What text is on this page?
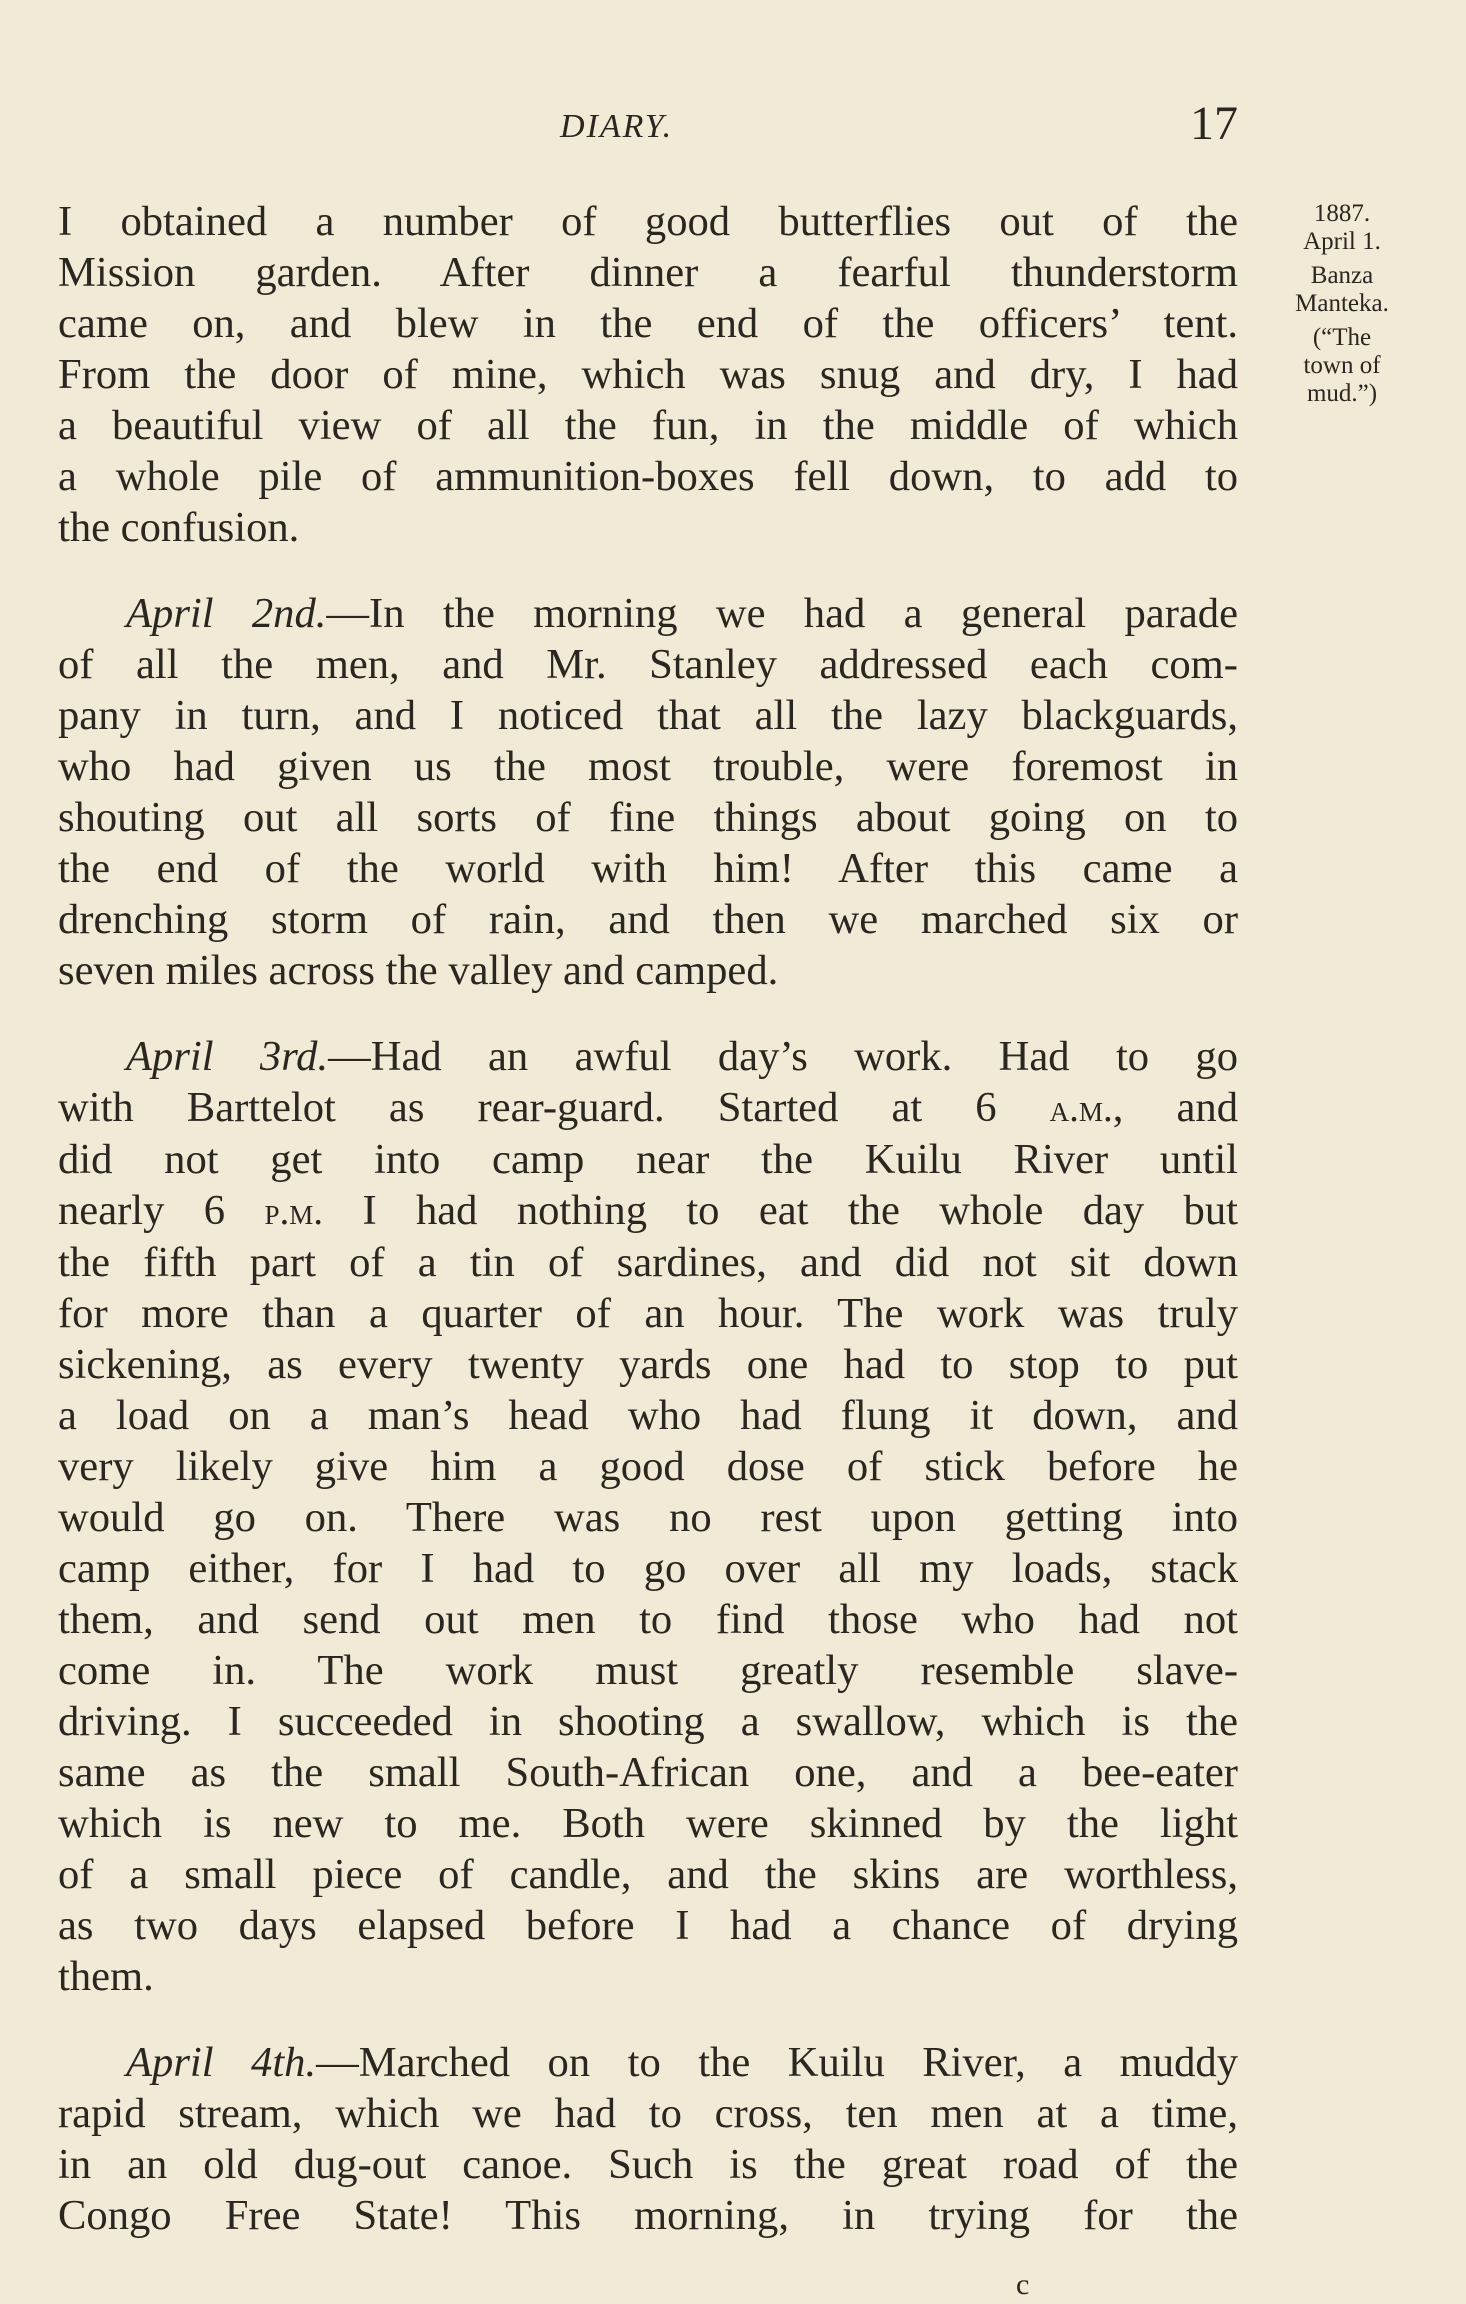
DIARY.	17
1887.
April 1.
Banza
Manteka.
(“The
town of
mud.”)

I obtained a number of good butterflies out of the
Mission garden. After dinner a fearful thunderstorm
came on, and blew in the end of the officers’ tent.
From the door of mine, which was snug and dry, I had
a beautiful view of all the fun, in the middle of which
a whole pile of ammunition-boxes fell down, to add to
the confusion.

April 2nd.—In the morning we had a general parade
of all the men, and Mr. Stanley addressed each com-
pany in turn, and I noticed that all the lazy blackguards,
who had given us the most trouble, were foremost in
shouting out all sorts of fine things about going on to
the end of the world with him! After this came a
drenching storm of rain, and then we marched six or
seven miles across the valley and camped.

April 3rd.—Had an awful day’s work. Had to go
with Barttelot as rear-guard. Started at 6 a.m., and
did not get into camp near the Kuilu River until
nearly 6 p.m. I had nothing to eat the whole day but
the fifth part of a tin of sardines, and did not sit down
for more than a quarter of an hour. The work was truly
sickening, as every twenty yards one had to stop to put
a load on a man’s head who had flung it down, and
very likely give him a good dose of stick before he
would go on. There was no rest upon getting into
camp either, for I had to go over all my loads, stack
them, and send out men to find those who had not
come in. The work must greatly resemble slave-
driving. I succeeded in shooting a swallow, which is the
same as the small South-African one, and a bee-eater
which is new to me. Both were skinned by the light
of a small piece of candle, and the skins are worthless,
as two days elapsed before I had a chance of drying
them.

April 4th.—Marched on to the Kuilu River, a muddy
rapid stream, which we had to cross, ten men at a time,
in an old dug-out canoe. Such is the great road of the
Congo Free State! This morning, in trying for the

c
